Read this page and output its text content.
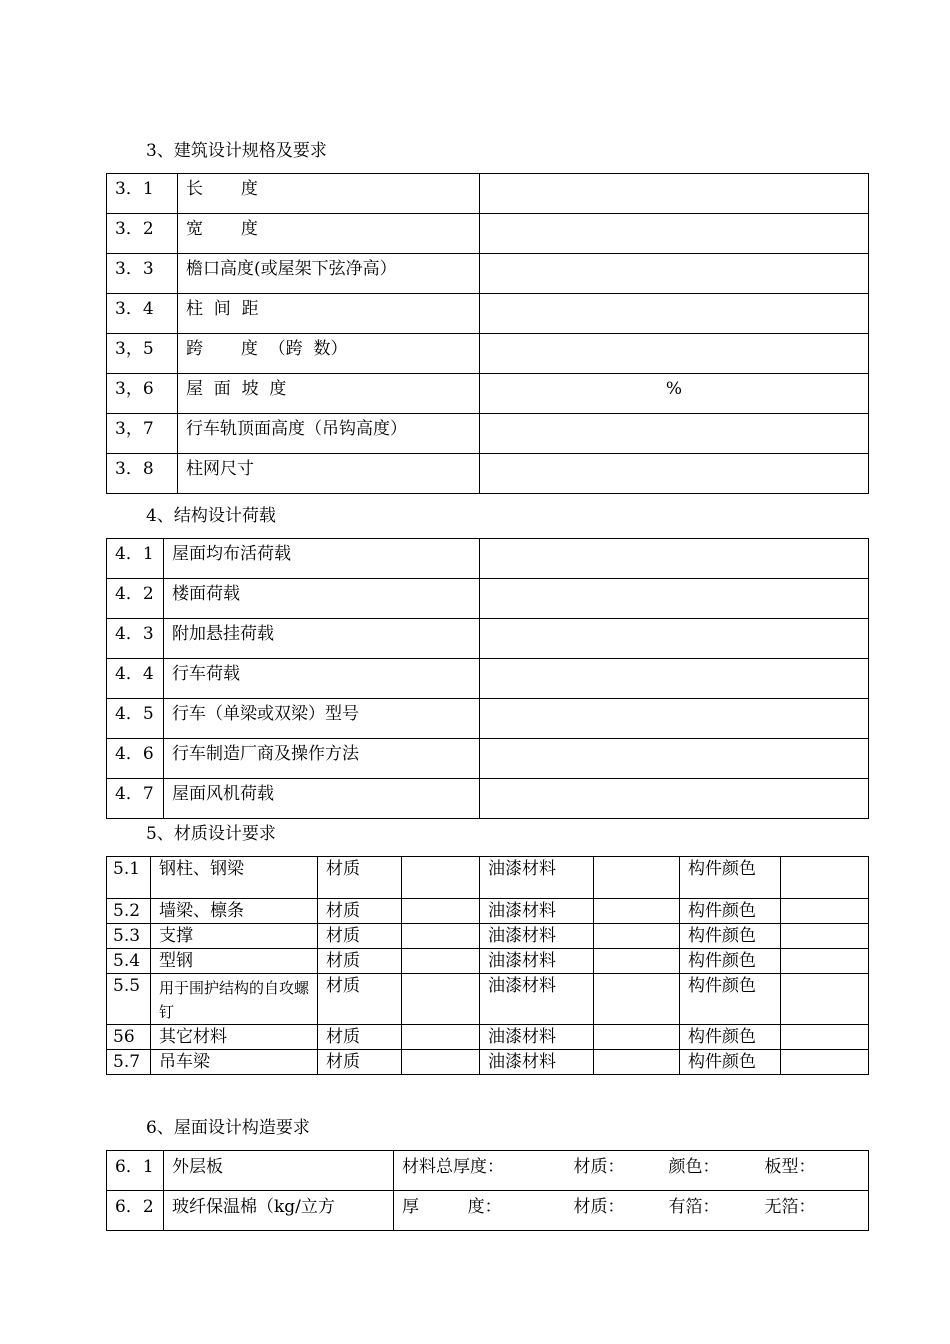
3、建筑设计规格及要求
3．1	长       度	
3．2	宽       度	
3．3	檐口高度(或屋架下弦净高）	
3．4	柱  间  距	
3，5	跨       度  （跨  数）	
3，6	屋  面  坡  度	%
3，7	行车轨顶面高度（吊钩高度）	
3．8	柱网尺寸	
4、结构设计荷载
4．1	屋面均布活荷载	
4．2	楼面荷载	
4．3	附加悬挂荷载	
4．4	行车荷载	
4．5	行车（单梁或双梁）型号	
4．6	行车制造厂商及操作方法	
4．7	屋面风机荷载	
5、材质设计要求
5.1	钢柱、钢梁	材质		油漆材料		构件颜色	
5.2	墙梁、檩条	材质		油漆材料		构件颜色	
5.3	支撑	材质		油漆材料		构件颜色	
5.4	型钢	材质		油漆材料		构件颜色	
5.5	用于围护结构的自攻螺钉	材质		油漆材料		构件颜色	
56	其它材料	材质		油漆材料		构件颜色	
5.7	吊车梁	材质		油漆材料		构件颜色	
6、屋面设计构造要求
6．1	外层板	材料总厚度：	材质：	颜色：	板型：
6．2	玻纤保温棉（kg/立方	厚         度：	材质：	有箔：	无箔：
